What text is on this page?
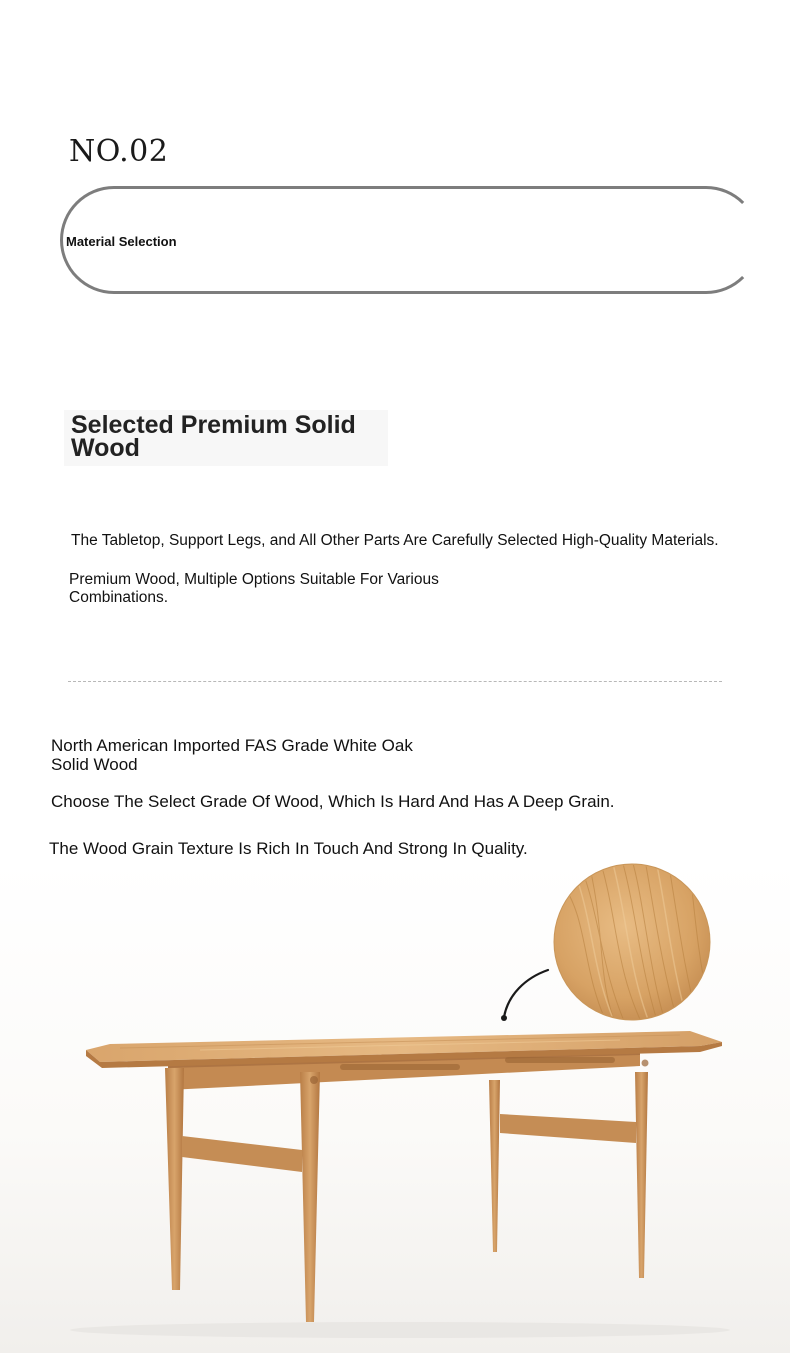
NO.02
Material Selection
Selected Premium Solid Wood
The Tabletop, Support Legs, and All Other Parts Are Carefully Selected High-Quality Materials.
Premium Wood, Multiple Options Suitable For Various Combinations.
North American Imported FAS Grade White Oak Solid Wood
Choose The Select Grade Of Wood, Which Is Hard And Has A Deep Grain.
The Wood Grain Texture Is Rich In Touch And Strong In Quality.
